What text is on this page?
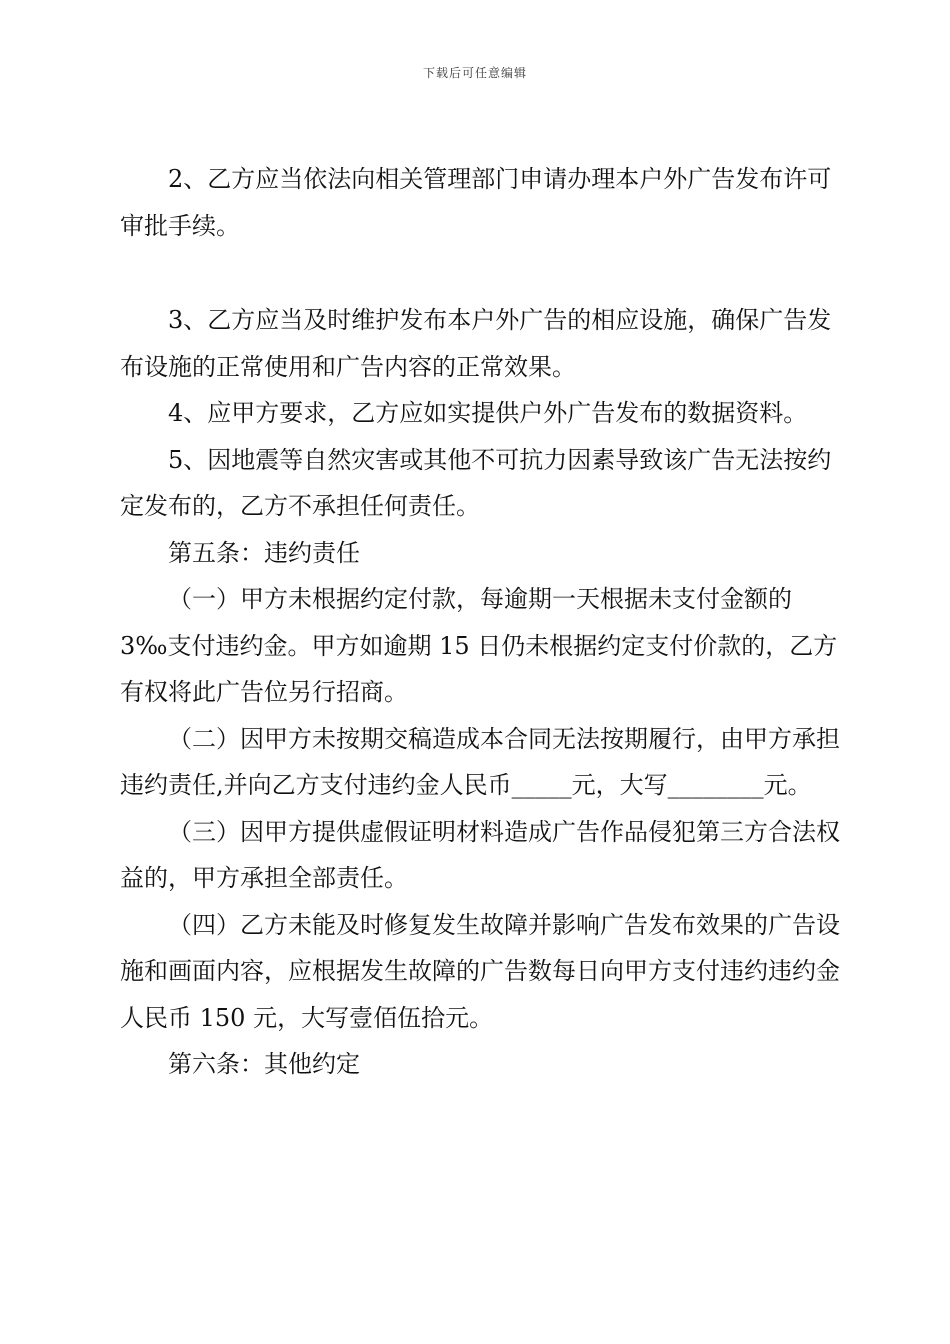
下载后可任意编辑

2、乙方应当依法向相关管理部门申请办理本户外广告发布许可审批手续。

3、乙方应当及时维护发布本户外广告的相应设施，确保广告发布设施的正常使用和广告内容的正常效果。

4、应甲方要求，乙方应如实提供户外广告发布的数据资料。

5、因地震等自然灾害或其他不可抗力因素导致该广告无法按约定发布的，乙方不承担任何责任。

第五条：违约责任

（一）甲方未根据约定付款，每逾期一天根据未支付金额的 3‰支付违约金。甲方如逾期 15 日仍未根据约定支付价款的，乙方有权将此广告位另行招商。

（二）因甲方未按期交稿造成本合同无法按期履行，由甲方承担违约责任,并向乙方支付违约金人民币_____元，大写________元。

（三）因甲方提供虚假证明材料造成广告作品侵犯第三方合法权益的，甲方承担全部责任。

（四）乙方未能及时修复发生故障并影响广告发布效果的广告设施和画面内容，应根据发生故障的广告数每日向甲方支付违约违约金人民币 150 元，大写壹佰伍拾元。

第六条：其他约定
